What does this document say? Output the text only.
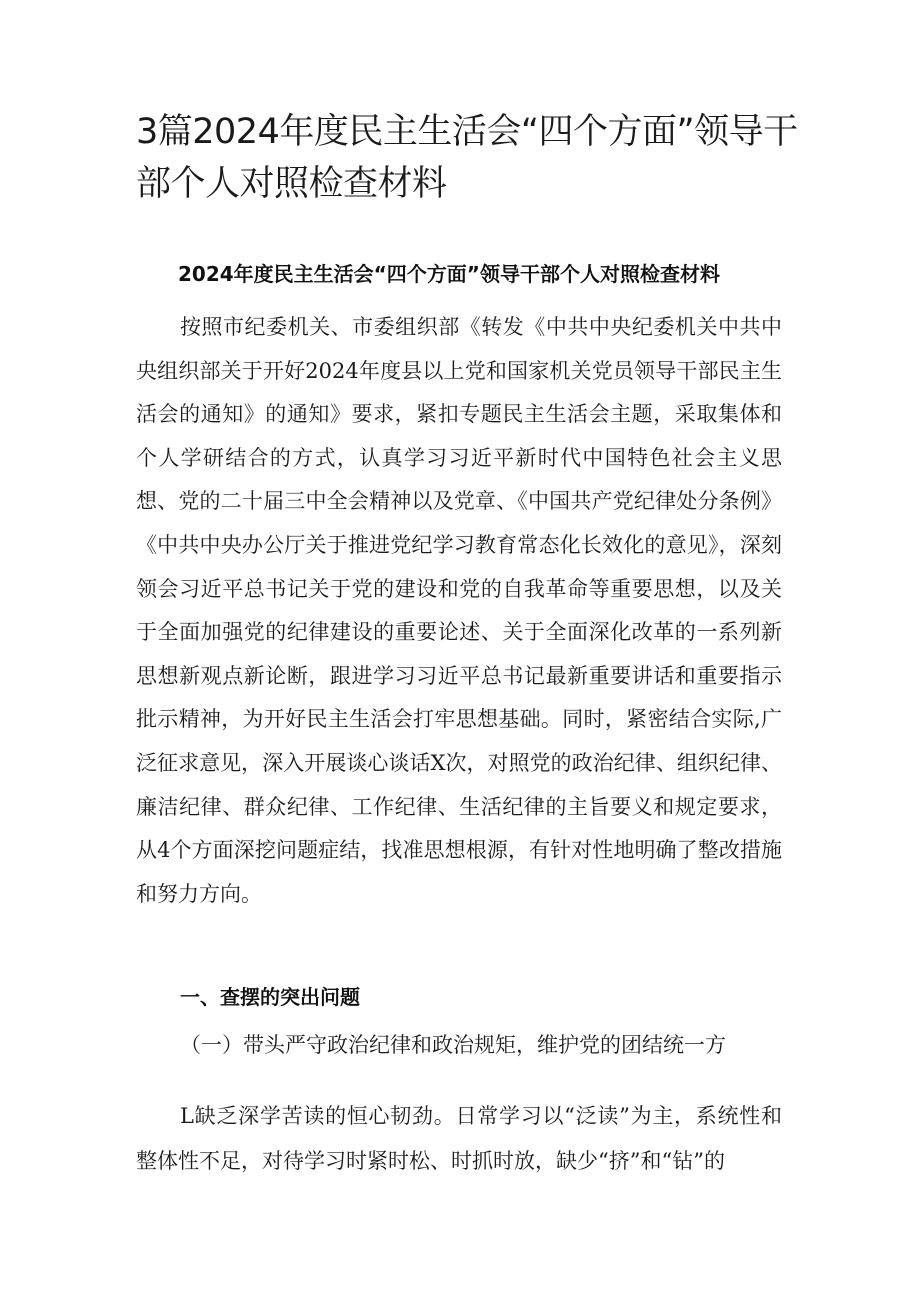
3篇2024年度民主生活会“四个方面”领导干部个人对照检查材料
2024年度民主生活会“四个方面”领导干部个人对照检查材料

按照市纪委机关、市委组织部《转发《中共中央纪委机关中共中央组织部关于开好2024年度县以上党和国家机关党员领导干部民主生活会的通知》的通知》要求，紧扣专题民主生活会主题，采取集体和个人学研结合的方式，认真学习习近平新时代中国特色社会主义思想、党的二十届三中全会精神以及党章、《中国共产党纪律处分条例》《中共中央办公厅关于推进党纪学习教育常态化长效化的意见》，深刻领会习近平总书记关于党的建设和党的自我革命等重要思想，以及关于全面加强党的纪律建设的重要论述、关于全面深化改革的一系列新思想新观点新论断，跟进学习习近平总书记最新重要讲话和重要指示批示精神，为开好民主生活会打牢思想基础。同时，紧密结合实际,广泛征求意见，深入开展谈心谈话X次，对照党的政治纪律、组织纪律、廉洁纪律、群众纪律、工作纪律、生活纪律的主旨要义和规定要求，从4个方面深挖问题症结，找准思想根源，有针对性地明确了整改措施和努力方向。

一、查摆的突出问题

（一）带头严守政治纪律和政治规矩，维护党的团结统一方

L缺乏深学苦读的恒心韧劲。日常学习以“泛读”为主，系统性和整体性不足，对待学习时紧时松、时抓时放，缺少“挤”和“钻”的
